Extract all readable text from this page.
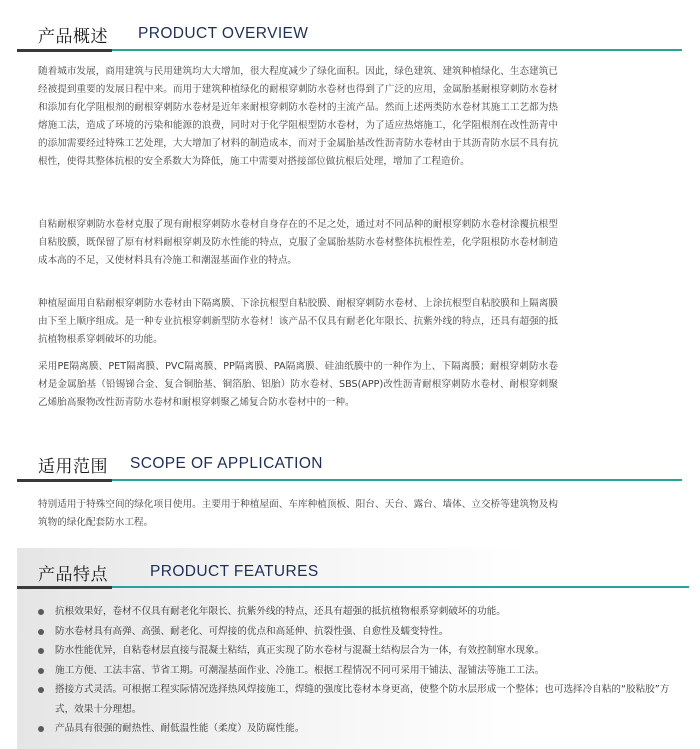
产品概述 PRODUCT OVERVIEW
随着城市发展，商用建筑与民用建筑均大大增加，很大程度减少了绿化面积。因此，绿色建筑、建筑种植绿化、生态建筑已经被提到重要的发展日程中来。而用于建筑种植绿化的耐根穿刺防水卷材也得到了广泛的应用，金属胎基耐根穿刺防水卷材和添加有化学阻根剂的耐根穿刺防水卷材是近年来耐根穿刺防水卷材的主流产品。然而上述两类防水卷材其施工工艺都为热熔施工法，造成了环境的污染和能源的浪费，同时对于化学阻根型防水卷材，为了适应热熔施工，化学阻根剂在改性沥青中的添加需要经过特殊工艺处理，大大增加了材料的制造成本，而对于金属胎基改性沥青防水卷材由于其沥青防水层不具有抗根性，使得其整体抗根的安全系数大为降低，施工中需要对搭接部位做抗根后处理，增加了工程造价。
自粘耐根穿刺防水卷材克服了现有耐根穿刺防水卷材自身存在的不足之处，通过对不同品种的耐根穿刺防水卷材涂覆抗根型自粘胶膜，既保留了原有材料耐根穿刺及防水性能的特点，克服了金属胎基防水卷材整体抗根性差，化学阻根防水卷材制造成本高的不足，又使材料具有冷施工和潮湿基面作业的特点。
种植屋面用自粘耐根穿刺防水卷材由下隔离膜、下涂抗根型自粘胶膜、耐根穿刺防水卷材、上涂抗根型自粘胶膜和上隔离膜由下至上顺序组成。是一种专业抗根穿刺新型防水卷材！该产品不仅具有耐老化年限长、抗紫外线的特点，还具有超强的抵抗植物根系穿刺破坏的功能。
采用PE隔离膜、PET隔离膜、PVC隔离膜、PP隔离膜、PA隔离膜、硅油纸膜中的一种作为上、下隔离膜；耐根穿刺防水卷材是金属胎基（铅锡锑合金、复合铜胎基、铜箔胎、铝胎）防水卷材、SBS(APP)改性沥青耐根穿刺防水卷材、耐根穿刺聚乙烯胎高聚物改性沥青防水卷材和耐根穿刺聚乙烯复合防水卷材中的一种。
适用范围 SCOPE OF APPLICATION
特别适用于特殊空间的绿化项目使用。主要用于种植屋面、车库种植顶板、阳台、天台、露台、墙体、立交桥等建筑物及构筑物的绿化配套防水工程。
产品特点	PRODUCT FEATURES
抗根效果好，卷材不仅具有耐老化年限长、抗紫外线的特点，还具有超强的抵抗植物根系穿刺破坏的功能。
防水卷材具有高弹、高强、耐老化、可焊接的优点和高延伸、抗裂性强、自愈性及蠕变特性。
防水性能优异，自粘卷材层直接与混凝土粘结，真正实现了防水卷材与混凝土结构层合为一体，有效控制窜水现象。
施工方便、工法丰富、节省工期。可潮湿基面作业、冷施工。根据工程情况不同可采用干铺法、湿铺法等施工工法。
搭接方式灵活。可根据工程实际情况选择热风焊接施工，焊缝的强度比卷材本身更高，使整个防水层形成一个整体；也可选择冷自粘的“胶粘胶”方式，效果十分理想。
产品具有很强的耐热性、耐低温性能（柔度）及防腐性能。
